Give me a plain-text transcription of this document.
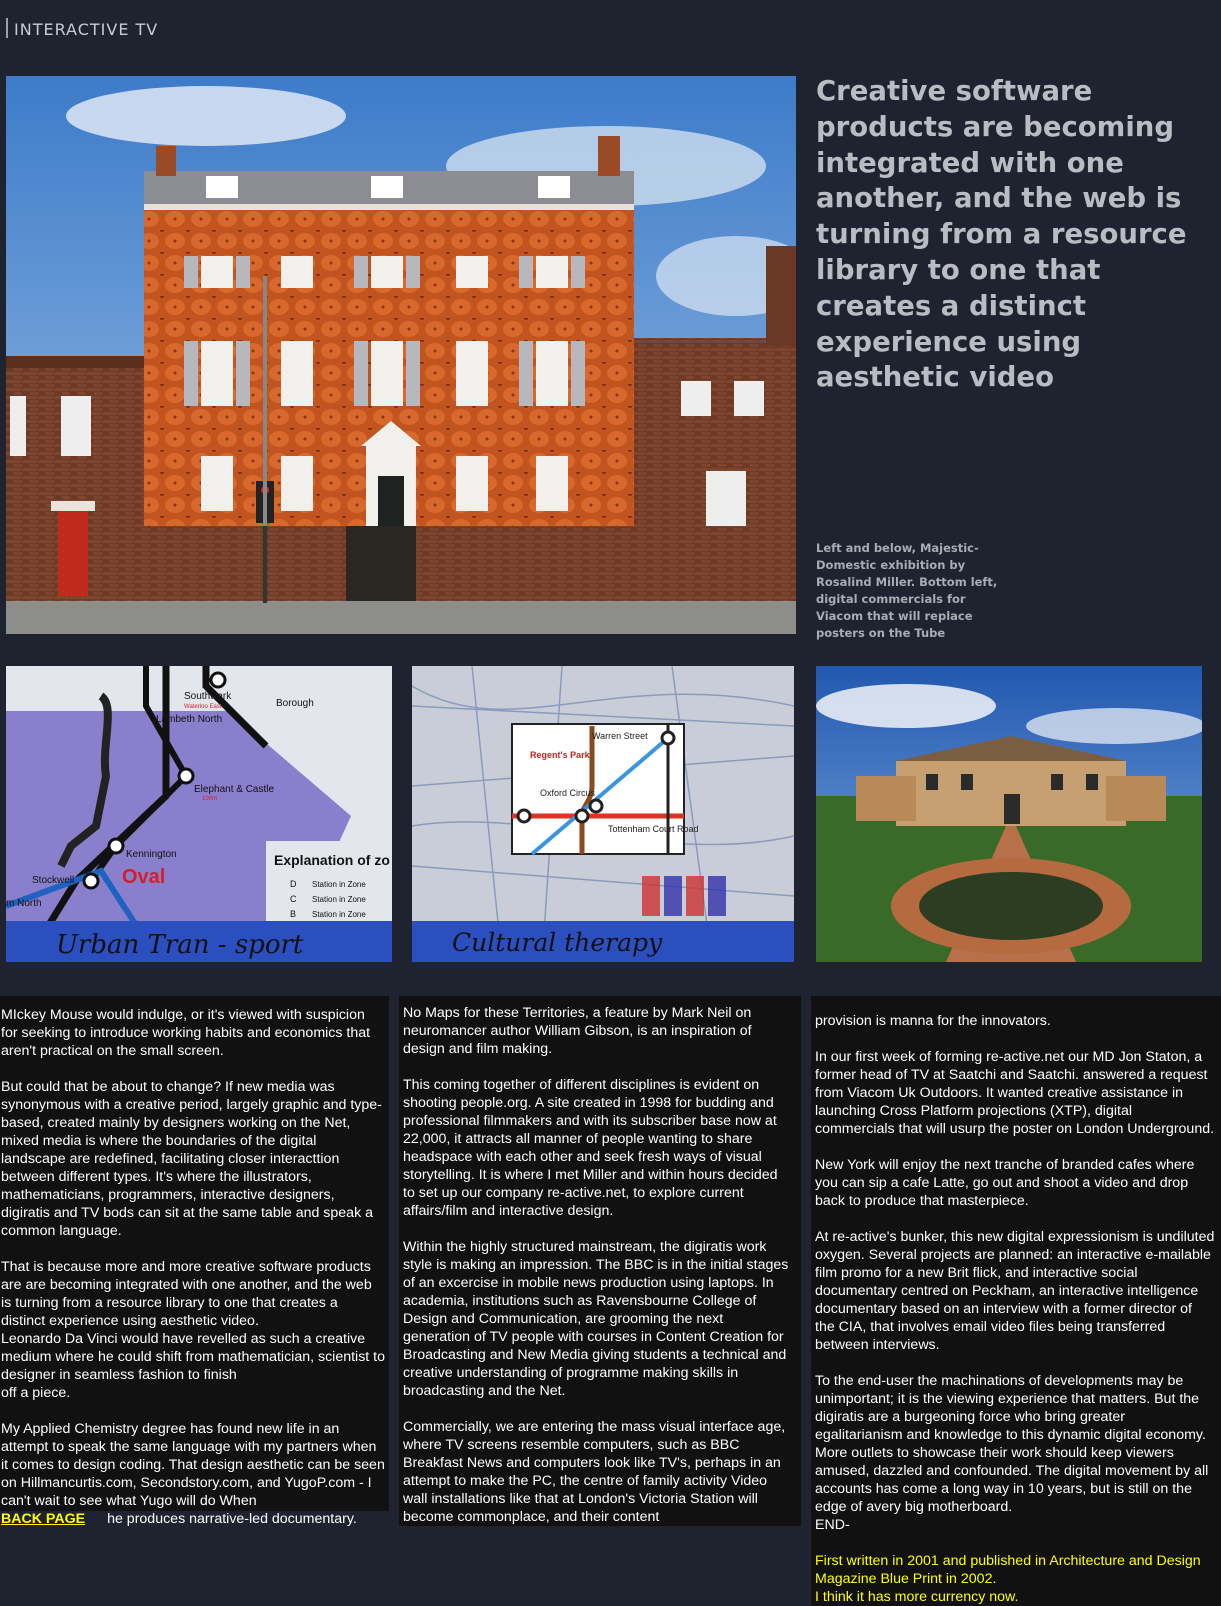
INTERACTIVE TV
Creative software products are becoming integrated with one another, and the web is turning from a resource library to one that creates a distinct experience using aesthetic video
Left and below, Majestic-Domestic exhibition by Rosalind Miller. Bottom left, digital commercials for Viacom that will replace posters on the Tube
Southwark
Borough
Lambeth North
Elephant & Castle
Kennington
Oval
Stockwell
m North
Explanation of zo
D Station in Zone
C Station in Zone
B Station in Zone
Waterloo East
100m
Urban Tran - sport
Warren Street
Regent's Park
Oxford Circus
Tottenham Court Road
Cultural therapy

MIckey Mouse would indulge, or it's viewed with suspicion for seeking to introduce working habits and economics that aren't practical on the small screen.

But could that be about to change? If new media was synonymous with a creative period, largely graphic and type-based, created mainly by designers working on the Net, mixed media is where the boundaries of the digital landscape are redefined, facilitating closer interacttion between different types. It's where the illustrators, mathematicians, programmers, interactive designers, digiratis and TV bods can sit at the same table and speak a common language.

That is because more and more creative software products are are becoming integrated with one another, and the web is turning from a resource library to one that creates a distinct experience using aesthetic video.
Leonardo Da Vinci would have revelled as such a creative medium where he could shift from mathematician, scientist to designer in seamless fashion to finish
off a piece.

My Applied Chemistry degree has found new life in an attempt to speak the same language with my partners when it comes to design coding. That design aesthetic can be seen on Hillmancurtis.com, Secondstory.com, and YugoP.com - I can't wait to see what Yugo will do When

BACK PAGE he produces narrative-led documentary.

No Maps for these Territories, a feature by Mark Neil on neuromancer author William Gibson, is an inspiration of design and film making.

This coming together of different disciplines is evident on shooting people.org. A site created in 1998 for budding and professional filmmakers and with its subscriber base now at 22,000, it attracts all manner of people wanting to share headspace with each other and seek fresh ways of visual storytelling. It is where I met Miller and within hours decided to set up our company re-active.net, to explore current affairs/film and interactive design.

Within the highly structured mainstream, the digiratis work style is making an impression. The BBC is in the initial stages of an excercise in mobile news production using laptops. In academia, institutions such as Ravensbourne College of Design and Communication, are grooming the next generation of TV people with courses in Content Creation for Broadcasting and New Media giving students a technical and creative understanding of programme making skills in broadcasting and the Net.

Commercially, we are entering the mass visual interface age, where TV screens resemble computers, such as BBC Breakfast News and computers look like TV's, perhaps in an attempt to make the PC, the centre of family activity Video wall installations like that at London's Victoria Station will become commonplace, and their content

provision is manna for the innovators.

In our first week of forming re-active.net our MD Jon Staton, a former head of TV at Saatchi and Saatchi. answered a request from Viacom Uk Outdoors. It wanted creative assistance in launching Cross Platform projections (XTP), digital commercials that will usurp the poster on London Underground.

New York will enjoy the next tranche of branded cafes where you can sip a cafe Latte, go out and shoot a video and drop back to produce that masterpiece.

At re-active's bunker, this new digital expressionism is undiluted oxygen. Several projects are planned: an interactive e-mailable film promo for a new Brit flick, and interactive social documentary centred on Peckham, an interactive intelligence documentary based on an interview with a former director of the CIA, that involves email video files being transferred between interviews.

To the end-user the machinations of developments may be unimportant; it is the viewing experience that matters. But the digiratis are a burgeoning force who bring greater egalitarianism and knowledge to this dynamic digital economy. More outlets to showcase their work should keep viewers amused, dazzled and confounded. The digital movement by all accounts has come a long way in 10 years, but is still on the edge of avery big motherboard.

END-

First written in 2001 and published in Architecture and Design Magazine Blue Print in 2002.
I think it has more currency now.
